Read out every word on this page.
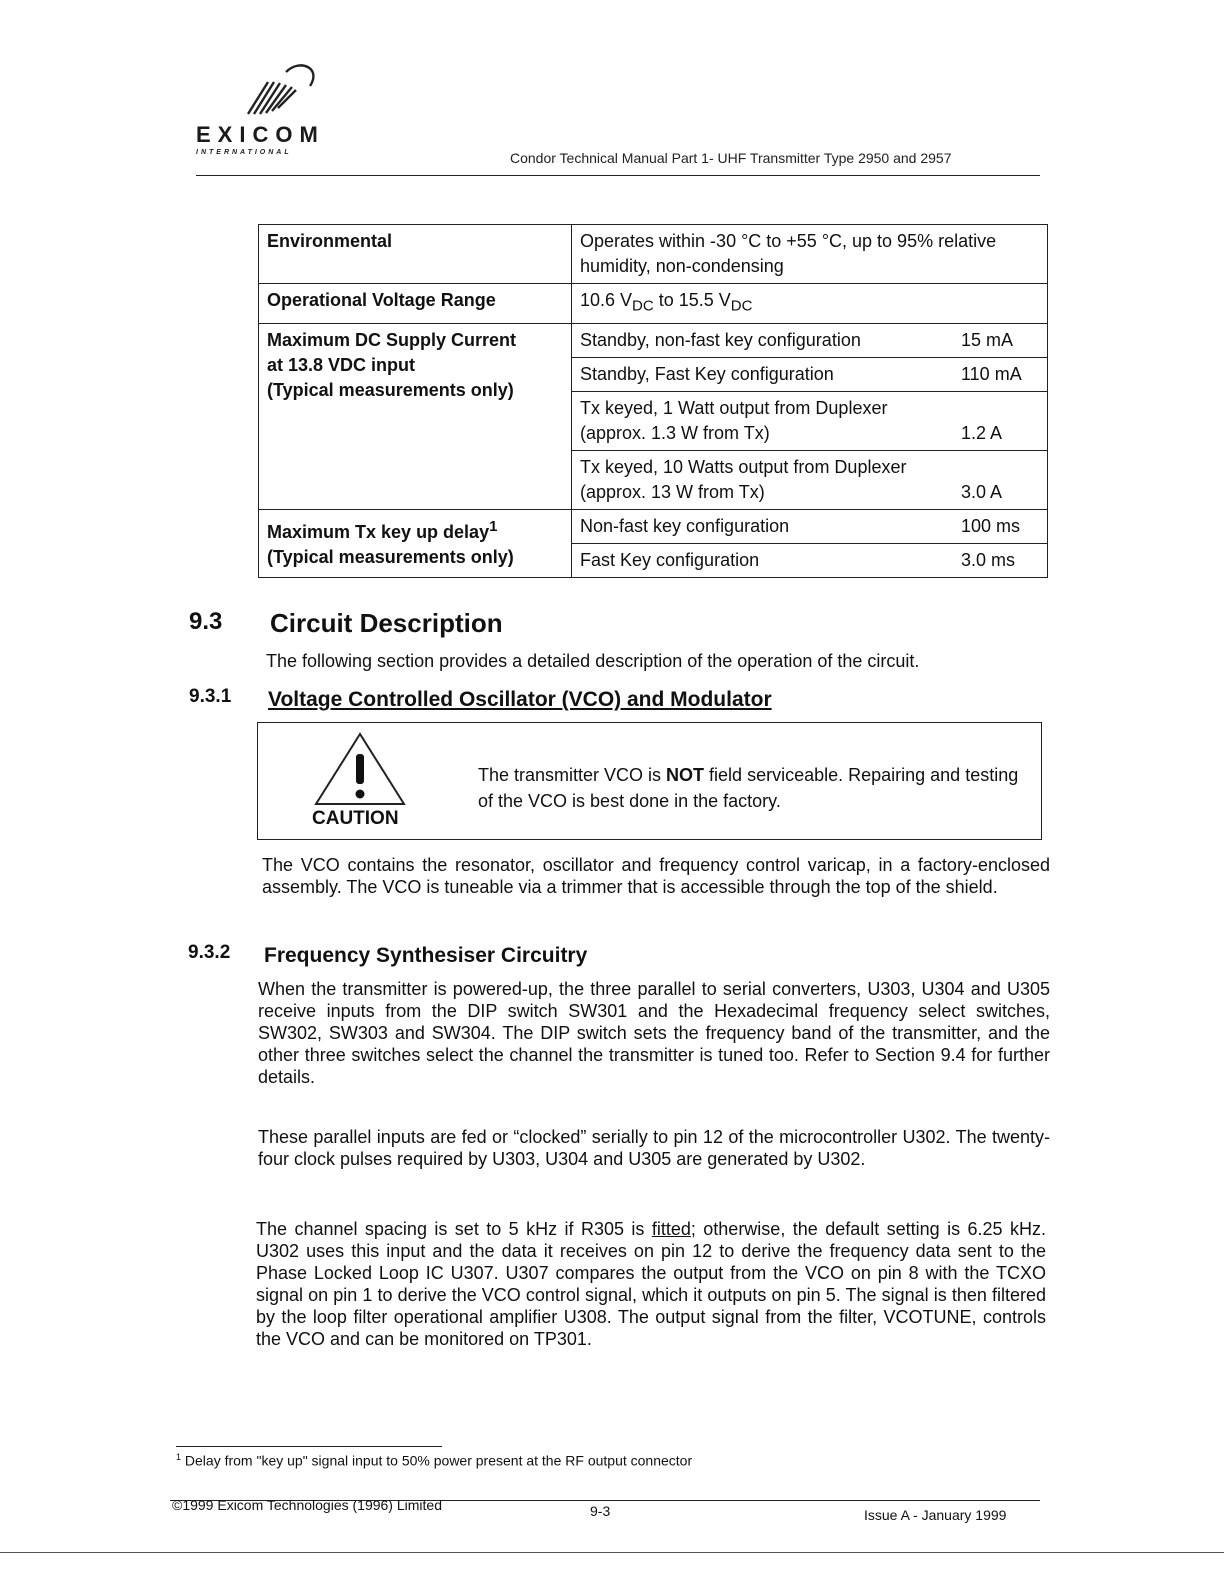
EXICOM
INTERNATIONAL	Condor Technical Manual Part 1- UHF Transmitter Type 2950 and 2957
Environmental	Operates within -30 °C to +55 °C, up to 95% relative humidity, non-condensing	
Operational Voltage Range	10.6 $V_{DC}$ to 15.5 $V_{DC}$

Maximum DC Supply Current
at 13.8 VDC input
(Typical measurements only)	Standby, non-fast key configuration	15 mA
	Standby, Fast Key configuration	110 mA
	Tx keyed, 1 Watt output from Duplexer (approx. 1.3 W from Tx)	1.2 A
	Tx keyed, 10 Watts output from Duplexer (approx. 13 W from Tx)	3.0 A

Maximum Tx key up delay$^1$
(Typical measurements only)	Non-fast key configuration	100 ms
	Fast Key configuration	3.0 ms
9.3 Circuit Description
The following section provides a detailed description of the operation of the circuit.
9.3.1 Voltage Controlled Oscillator (VCO) and Modulator
CAUTION
The transmitter VCO is NOT field serviceable. Repairing and testing of the VCO is best done in the factory.
The VCO contains the resonator, oscillator and frequency control varicap, in a factory-enclosed assembly. The VCO is tuneable via a trimmer that is accessible through the top of the shield.
9.3.2 Frequency Synthesiser Circuitry
When the transmitter is powered-up, the three parallel to serial converters, U303, U304 and U305 receive inputs from the DIP switch SW301 and the Hexadecimal frequency select switches, SW302, SW303 and SW304. The DIP switch sets the frequency band of the transmitter, and the other three switches select the channel the transmitter is tuned too. Refer to Section 9.4 for further details.
These parallel inputs are fed or “clocked” serially to pin 12 of the microcontroller U302. The twenty-four clock pulses required by U303, U304 and U305 are generated by U302.
The channel spacing is set to 5 kHz if R305 is fitted; otherwise, the default setting is 6.25 kHz. U302 uses this input and the data it receives on pin 12 to derive the frequency data sent to the Phase Locked Loop IC U307. U307 compares the output from the VCO on pin 8 with the TCXO signal on pin 1 to derive the VCO control signal, which it outputs on pin 5. The signal is then filtered by the loop filter operational amplifier U308. The output signal from the filter, VCOTUNE, controls the VCO and can be monitored on TP301.
$^1$ Delay from "key up" signal input to 50% power present at the RF output connector
©1999 Exicom Technologies (1996) Limited	9-3	Issue A - January 1999
